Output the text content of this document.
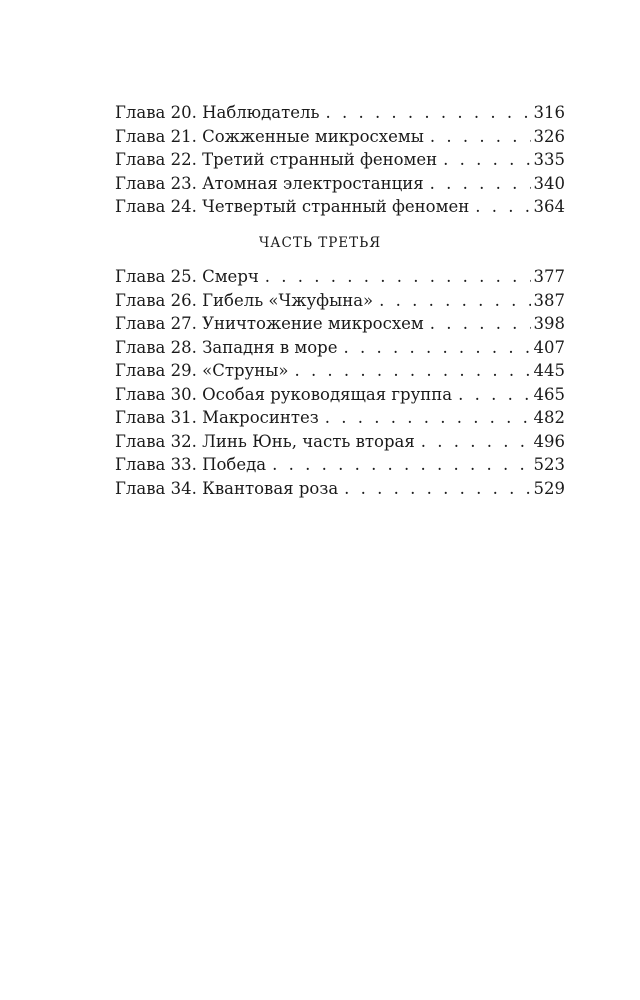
Глава 20. Наблюдатель . . .	316
Глава 21. Сожженные микросхемы . . .	326
Глава 22. Третий странный феномен . . .	335
Глава 23. Атомная электростанция . . .	340
Глава 24. Четвертый странный феномен . . .	364
ЧАСТЬ ТРЕТЬЯ
Глава 25. Смерч . . .	377
Глава 26. Гибель «Чжуфына» . . .	387
Глава 27. Уничтожение микросхем . . .	398
Глава 28. Западня в море . . .	407
Глава 29. «Струны» . . .	445
Глава 30. Особая руководящая группа . . .	465
Глава 31. Макросинтез . . .	482
Глава 32. Линь Юнь, часть вторая . . .	496
Глава 33. Победа . . .	523
Глава 34. Квантовая роза . . .	529
